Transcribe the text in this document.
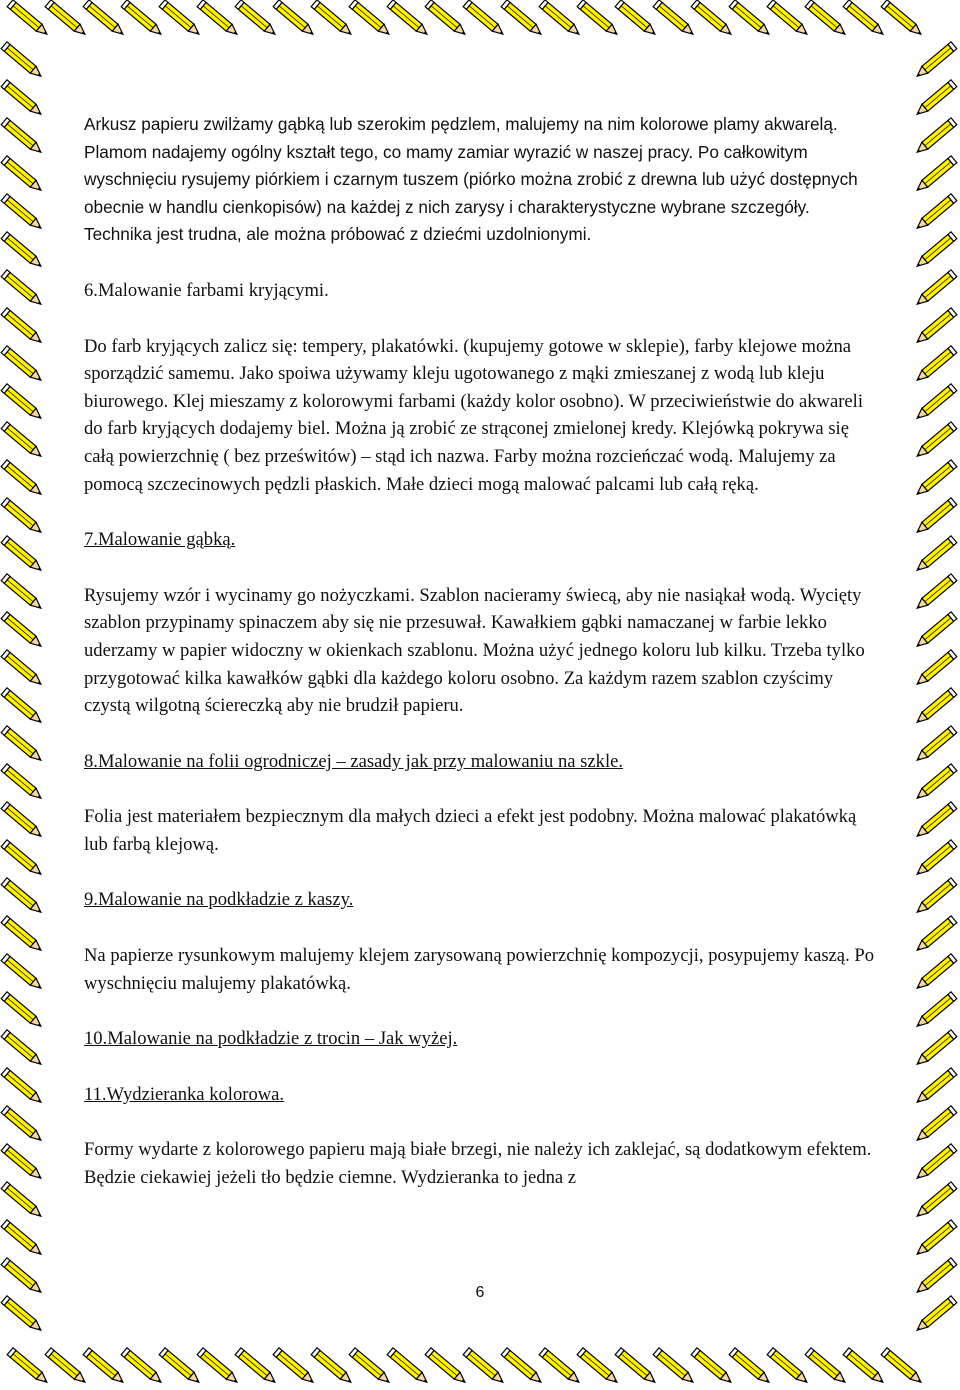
Arkusz papieru zwilżamy gąbką lub szerokim pędzlem, malujemy na nim kolorowe plamy akwarelą. Plamom nadajemy ogólny kształt tego, co mamy zamiar wyrazić w naszej pracy. Po całkowitym wyschnięciu rysujemy piórkiem i czarnym tuszem (piórko można zrobić z drewna lub użyć dostępnych obecnie w handlu cienkopisów) na każdej z nich zarysy i charakterystyczne wybrane szczegóły. Technika jest trudna, ale można próbować z dziećmi uzdolnionymi.

6.Malowanie farbami kryjącymi.

Do farb kryjących zalicz się: tempery, plakatówki. (kupujemy gotowe w sklepie), farby klejowe można sporządzić samemu. Jako spoiwa używamy kleju ugotowanego z mąki zmieszanej z wodą lub kleju biurowego. Klej mieszamy z kolorowymi farbami (każdy kolor osobno). W przeciwieństwie do akwareli do farb kryjących dodajemy biel. Można ją zrobić ze strąconej zmielonej kredy. Klejówką pokrywa się całą powierzchnię ( bez prześwitów) – stąd ich nazwa. Farby można rozcieńczać wodą. Malujemy za pomocą szczecinowych pędzli płaskich. Małe dzieci mogą malować palcami lub całą ręką.

7.Malowanie gąbką.

Rysujemy wzór i wycinamy go nożyczkami. Szablon nacieramy świecą, aby nie nasiąkał wodą. Wycięty szablon przypinamy spinaczem aby się nie przesuwał. Kawałkiem gąbki namaczanej w farbie lekko uderzamy w papier widoczny w okienkach szablonu. Można użyć jednego koloru lub kilku. Trzeba tylko przygotować kilka kawałków gąbki dla każdego koloru osobno. Za każdym razem szablon czyścimy czystą wilgotną ściereczką aby nie brudził papieru.

8.Malowanie na folii ogrodniczej – zasady jak przy malowaniu na szkle.

Folia jest materiałem bezpiecznym dla małych dzieci a efekt jest podobny. Można malować plakatówką lub farbą klejową.

9.Malowanie na podkładzie z kaszy.

Na papierze rysunkowym malujemy klejem zarysowaną powierzchnię kompozycji, posypujemy kaszą. Po wyschnięciu malujemy plakatówką.

10.Malowanie na podkładzie z trocin – Jak wyżej.
11.Wydzieranka kolorowa.

Formy wydarte z kolorowego papieru mają białe brzegi, nie należy ich zaklejać, są dodatkowym efektem. Będzie ciekawiej jeżeli tło będzie ciemne. Wydzieranka to jedna z

6
